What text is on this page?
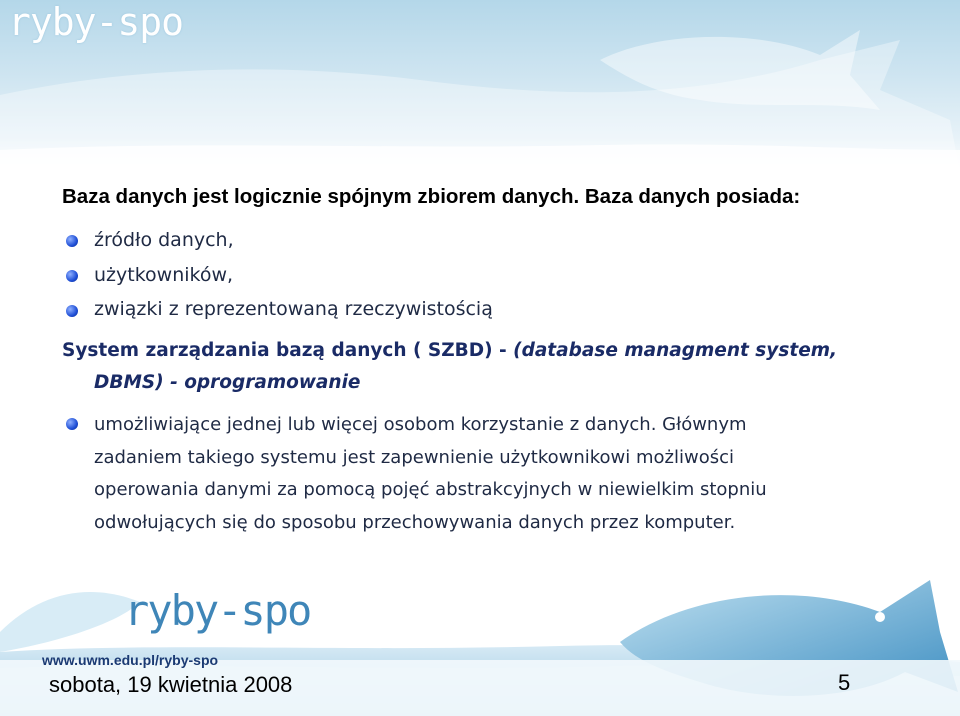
ryby-spo
Baza danych jest logicznie spójnym zbiorem danych. Baza danych posiada:
źródło danych,
użytkowników,
związki z reprezentowaną rzeczywistością
System zarządzania bazą danych ( SZBD) - (database managment system,
DBMS) - oprogramowanie
umożliwiające jednej lub więcej osobom korzystanie z danych. Głównym
zadaniem takiego systemu jest zapewnienie użytkownikowi możliwości
operowania danymi za pomocą pojęć abstrakcyjnych w niewielkim stopniu
odwołujących się do sposobu przechowywania danych przez komputer.
ryby-spo
www.uwm.edu.pl/ryby-spo
sobota, 19 kwietnia 2008	5
